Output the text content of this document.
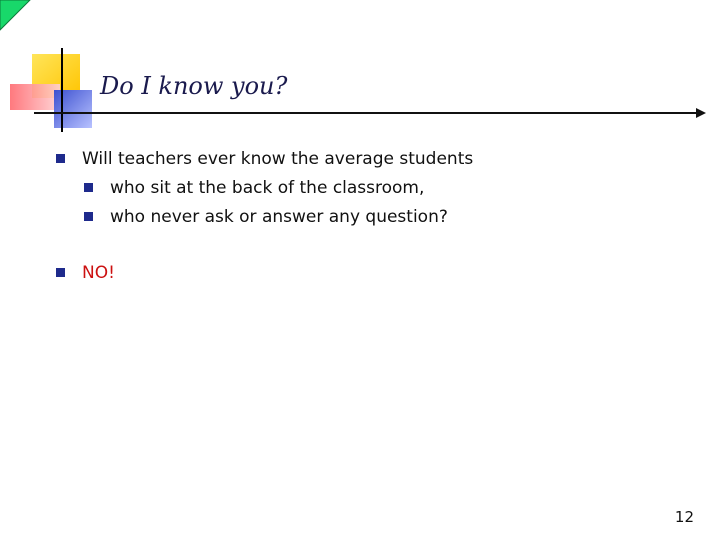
Do I know you?
Will teachers ever know the average students
who sit at the back of the classroom,
who never ask or answer any question?
NO!
12
